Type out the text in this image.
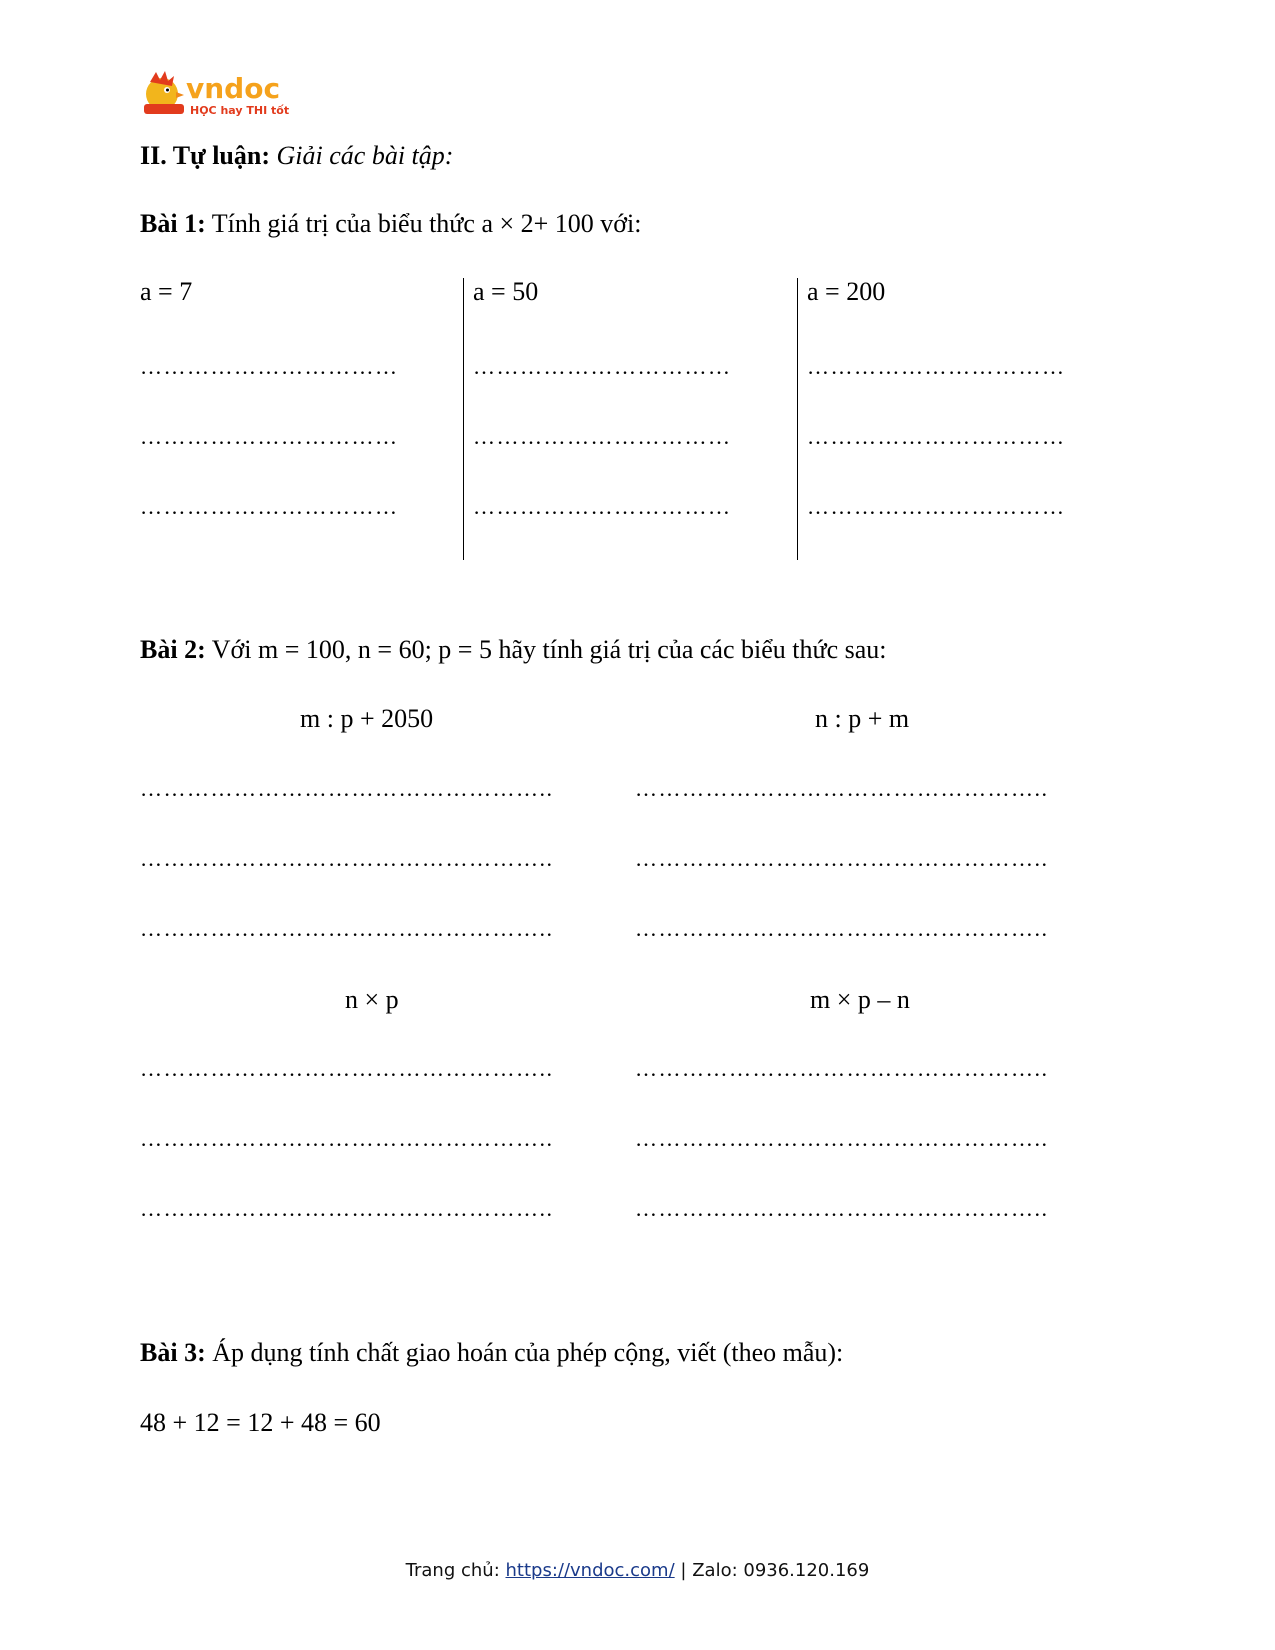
vndoc
HỌC hay THI tốt
II. Tự luận: Giải các bài tập:
Bài 1: Tính giá trị của biểu thức a × 2+ 100 với:
a = 7	a = 50	a = 200
……………………………	……………………………	……………………………
……………………………	……………………………	……………………………
……………………………	……………………………	……………………………
Bài 2: Với m = 100, n = 60; p = 5 hãy tính giá trị của các biểu thức sau:
m : p + 2050	n : p + m
……………………………………………..	……………………………………………..
……………………………………………..	……………………………………………..
……………………………………………..	……………………………………………..
n × p	m × p – n
……………………………………………..	……………………………………………..
……………………………………………..	……………………………………………..
……………………………………………..	……………………………………………..
Bài 3: Áp dụng tính chất giao hoán của phép cộng, viết (theo mẫu):
48 + 12 = 12 + 48 = 60
Trang chủ: https://vndoc.com/ | Zalo: 0936.120.169
